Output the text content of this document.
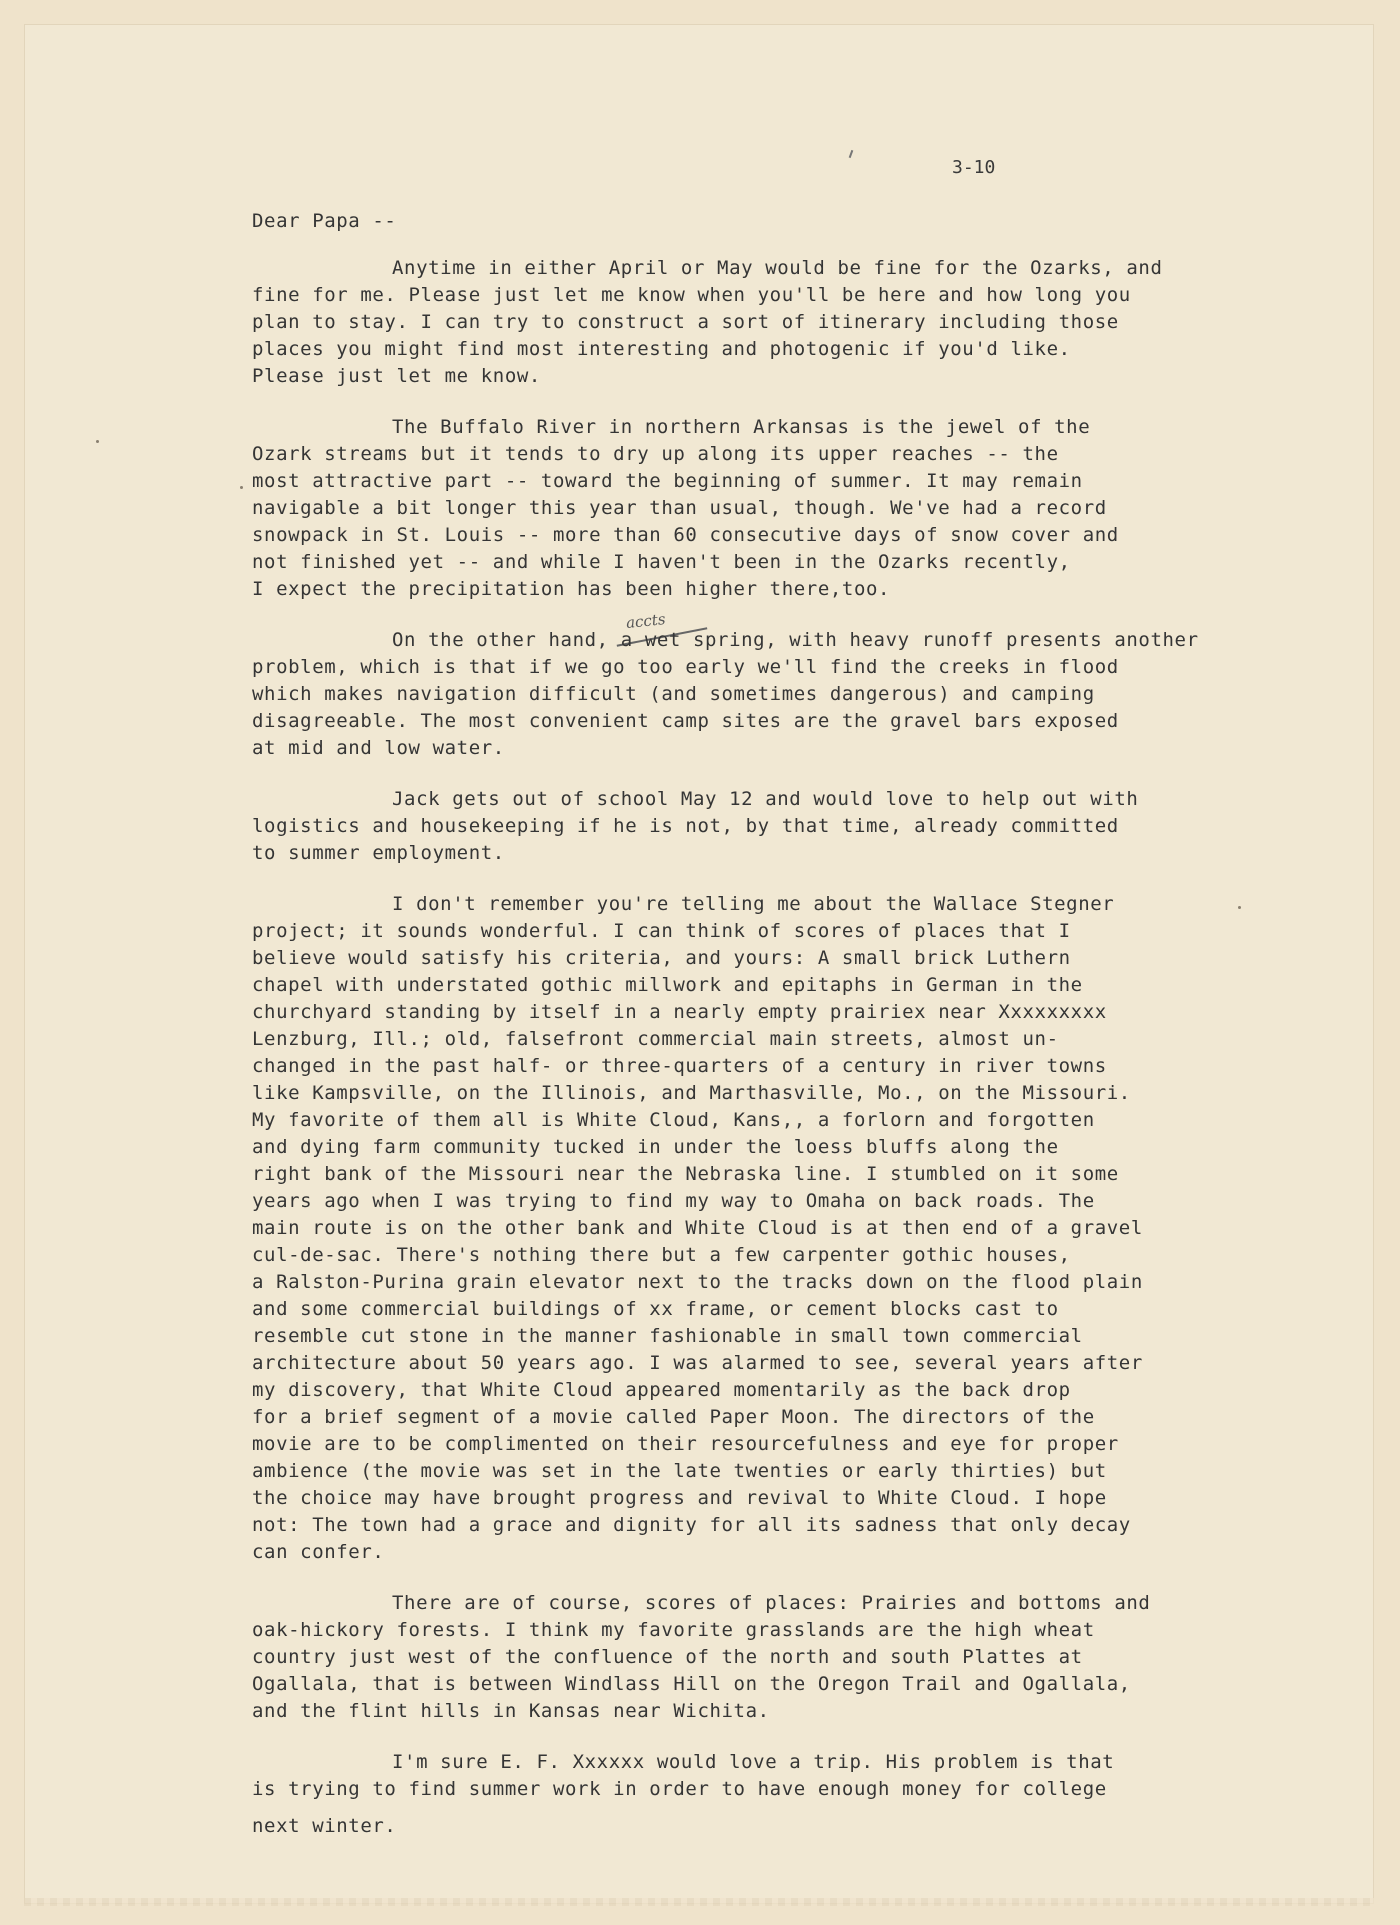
3-10
accts
Dear Papa --
Anytime in either April or May would be fine for the Ozarks, and
fine for me. Please just let me know when you'll be here and how long you
plan to stay. I can try to construct a sort of itinerary including those
places you might find most interesting and photogenic if you'd like.
Please just let me know.
The Buffalo River in northern Arkansas is the jewel of the
Ozark streams but it tends to dry up along its upper reaches -- the
most attractive part -- toward the beginning of summer. It may remain
navigable a bit longer this year than usual, though. We've had a record
snowpack in St. Louis -- more than 60 consecutive days of snow cover and
not finished yet -- and while I haven't been in the Ozarks recently,
I expect the precipitation has been higher there,too.
On the other hand, a wet spring, with heavy runoff presents another
problem, which is that if we go too early we'll find the creeks in flood
which makes navigation difficult (and sometimes dangerous) and camping
disagreeable. The most convenient camp sites are the gravel bars exposed
at mid and low water.
Jack gets out of school May 12 and would love to help out with
logistics and housekeeping if he is not, by that time, already committed
to summer employment.
I don't remember you're telling me about the Wallace Stegner
project; it sounds wonderful. I can think of scores of places that I
believe would satisfy his criteria, and yours: A small brick Luthern
chapel with understated gothic millwork and epitaphs in German in the
churchyard standing by itself in a nearly empty prairiex near Xxxxxxxxx
Lenzburg, Ill.; old, falsefront commercial main streets, almost un-
changed in the past half- or three-quarters of a century in river towns
like Kampsville, on the Illinois, and Marthasville, Mo., on the Missouri.
My favorite of them all is White Cloud, Kans,, a forlorn and forgotten
and dying farm community tucked in under the loess bluffs along the
right bank of the Missouri near the Nebraska line. I stumbled on it some
years ago when I was trying to find my way to Omaha on back roads. The
main route is on the other bank and White Cloud is at then end of a gravel
cul-de-sac. There's nothing there but a few carpenter gothic houses,
a Ralston-Purina grain elevator next to the tracks down on the flood plain
and some commercial buildings of xx frame, or cement blocks cast to
resemble cut stone in the manner fashionable in small town commercial
architecture about 50 years ago. I was alarmed to see, several years after
my discovery, that White Cloud appeared momentarily as the back drop
for a brief segment of a movie called Paper Moon. The directors of the
movie are to be complimented on their resourcefulness and eye for proper
ambience (the movie was set in the late twenties or early thirties) but
the choice may have brought progress and revival to White Cloud. I hope
not: The town had a grace and dignity for all its sadness that only decay
can confer.
There are of course, scores of places: Prairies and bottoms and
oak-hickory forests. I think my favorite grasslands are the high wheat
country just west of the confluence of the north and south Plattes at
Ogallala, that is between Windlass Hill on the Oregon Trail and Ogallala,
and the flint hills in Kansas near Wichita.
I'm sure E. F. Xxxxxx would love a trip. His problem is that
is trying to find summer work in order to have enough money for college
next winter.
